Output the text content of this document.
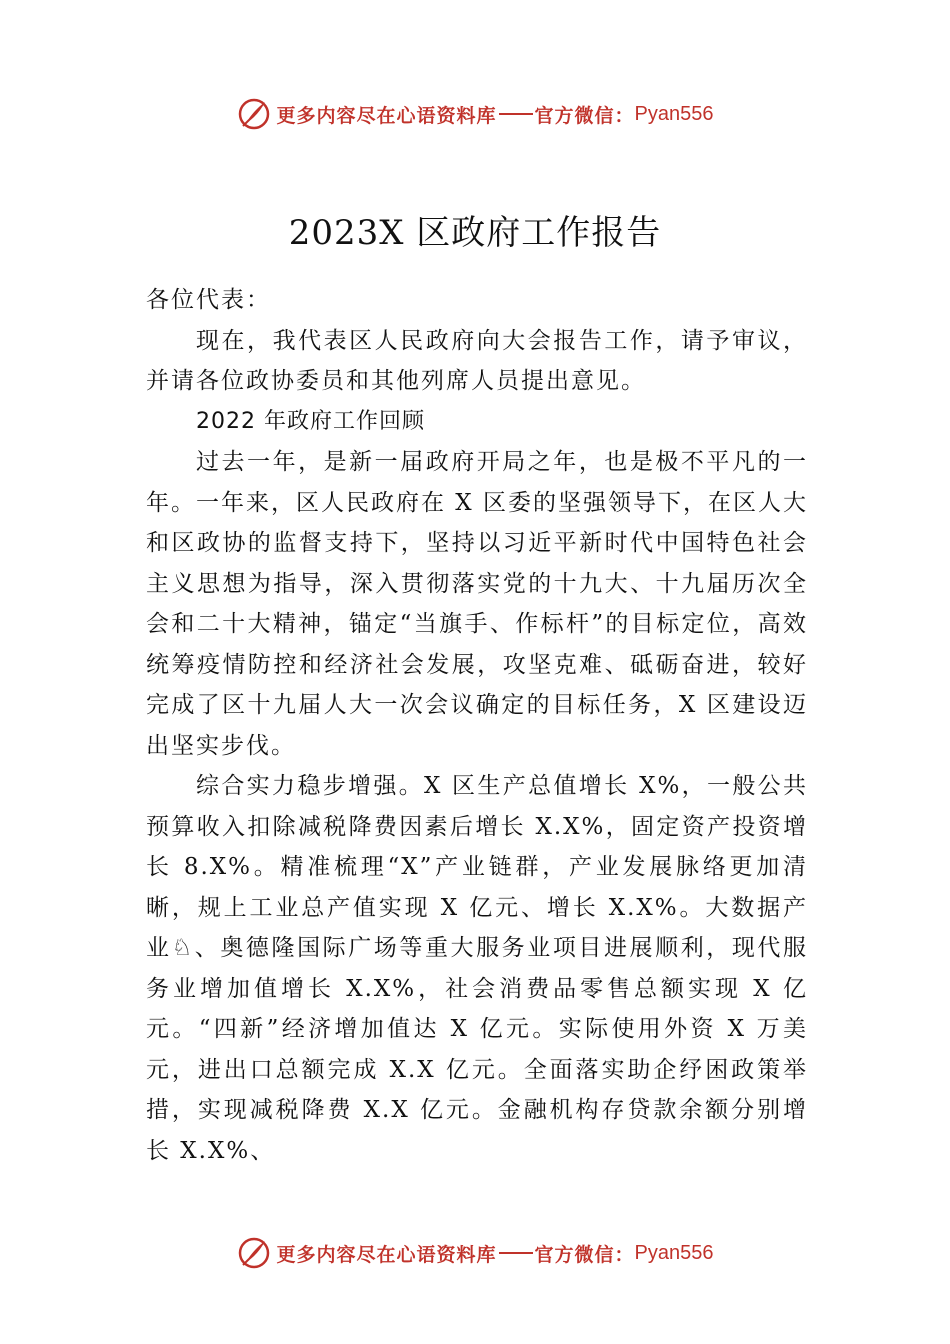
更多内容尽在心语资料库 官方微信： Pyan556
2023X 区政府工作报告

各位代表：

现在，我代表区人民政府向大会报告工作，请予审议，并请各位政协委员和其他列席人员提出意见。

2022 年政府工作回顾

过去一年，是新一届政府开局之年，也是极不平凡的一年。一年来，区人民政府在 X 区委的坚强领导下，在区人大和区政协的监督支持下，坚持以习近平新时代中国特色社会主义思想为指导，深入贯彻落实党的十九大、十九届历次全会和二十大精神，锚定“当旗手、作标杆”的目标定位，高效统筹疫情防控和经济社会发展，攻坚克难、砥砺奋进，较好完成了区十九届人大一次会议确定的目标任务，X 区建设迈出坚实步伐。

综合实力稳步增强。X 区生产总值增长 X%，一般公共预算收入扣除减税降费因素后增长 X.X%，固定资产投资增长 8.X%。精准梳理“X”产业链群，产业发展脉络更加清晰，规上工业总产值实现 X 亿元、增长 X.X%。大数据产业♘、奥德隆国际广场等重大服务业项目进展顺利，现代服务业增加值增长 X.X%，社会消费品零售总额实现 X 亿元。“四新”经济增加值达 X 亿元。实际使用外资 X 万美元，进出口总额完成 X.X 亿元。全面落实助企纾困政策举措，实现减税降费 X.X 亿元。金融机构存贷款余额分别增长 X.X%、

更多内容尽在心语资料库 官方微信： Pyan556
